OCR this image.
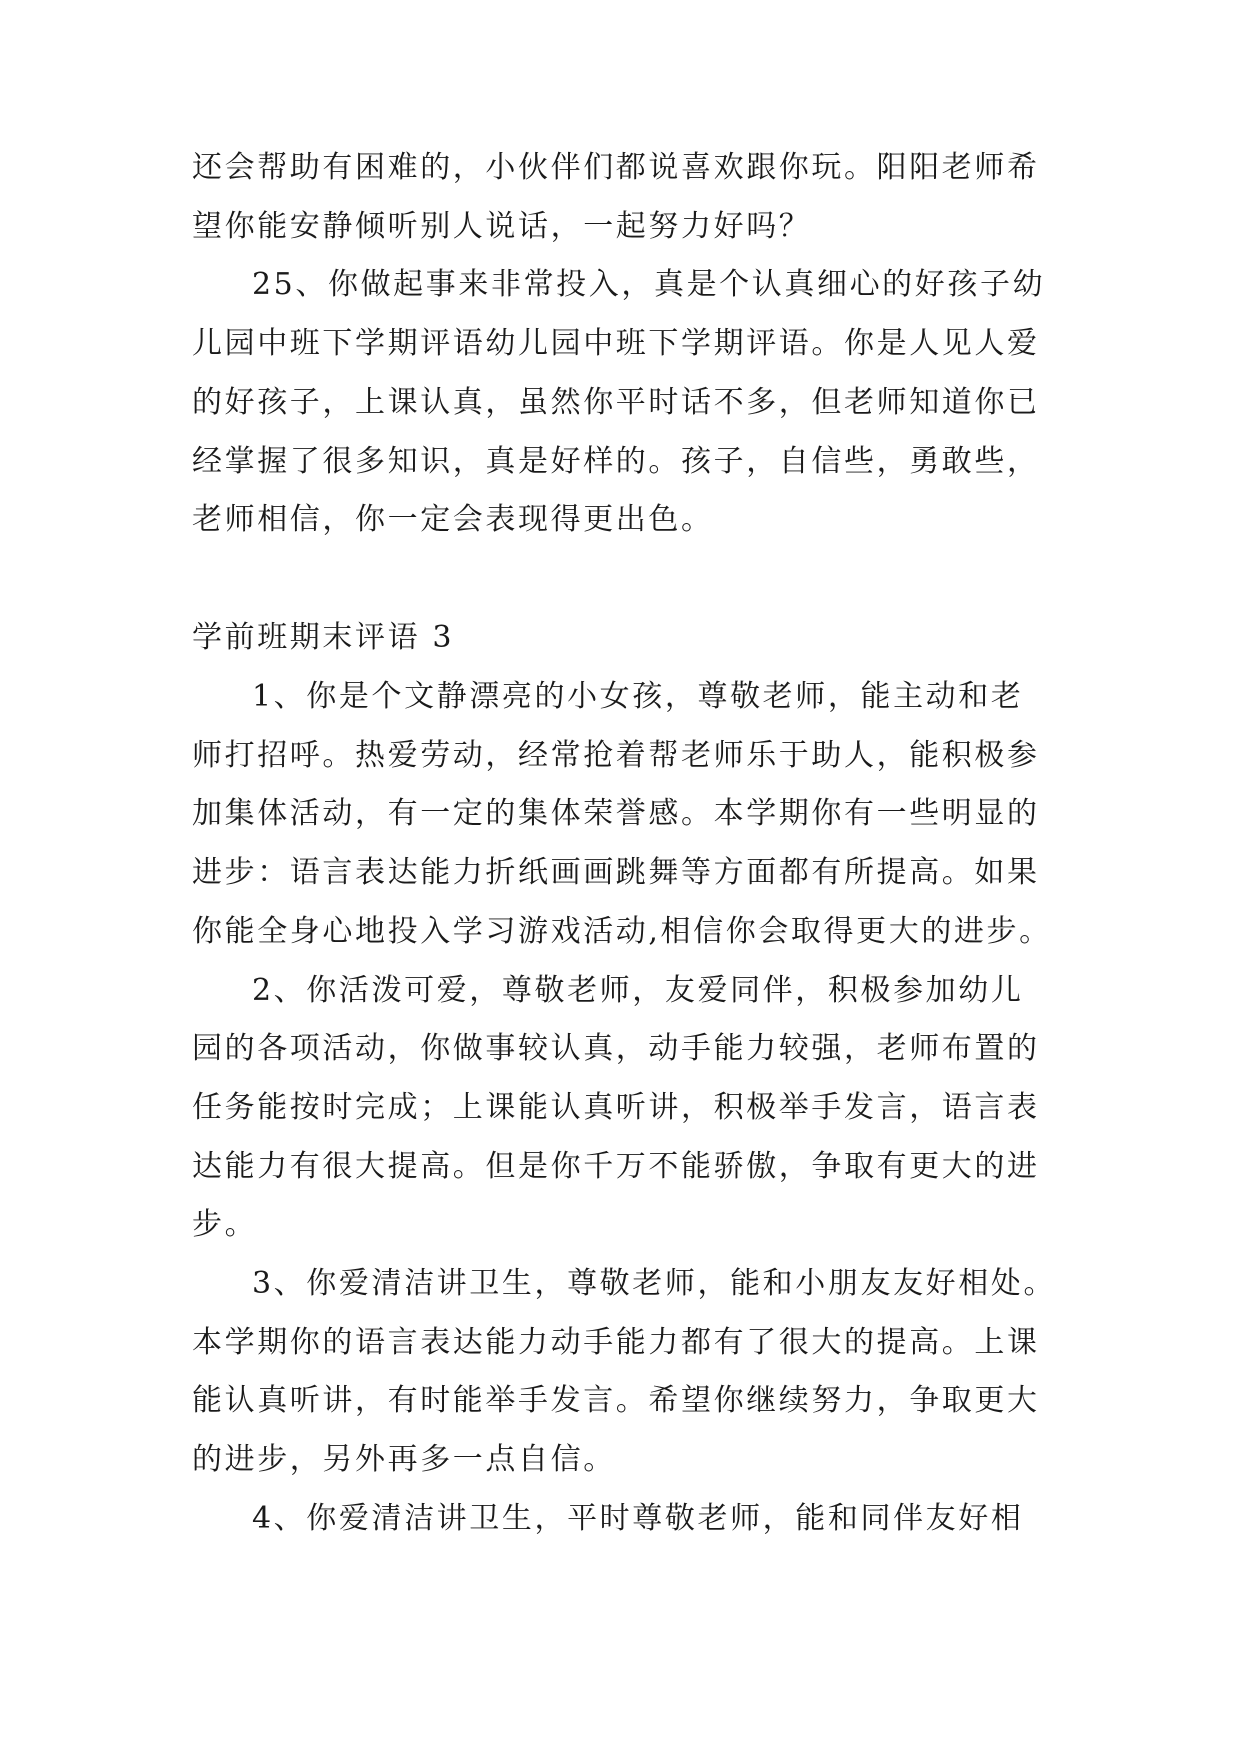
还会帮助有困难的，小伙伴们都说喜欢跟你玩。阳阳老师希
望你能安静倾听别人说话，一起努力好吗？
25、你做起事来非常投入，真是个认真细心的好孩子幼
儿园中班下学期评语幼儿园中班下学期评语。你是人见人爱
的好孩子，上课认真，虽然你平时话不多，但老师知道你已
经掌握了很多知识，真是好样的。孩子，自信些，勇敢些，
老师相信，你一定会表现得更出色。
学前班期末评语 3
1、你是个文静漂亮的小女孩，尊敬老师，能主动和老
师打招呼。热爱劳动，经常抢着帮老师乐于助人，能积极参
加集体活动，有一定的集体荣誉感。本学期你有一些明显的
进步：语言表达能力折纸画画跳舞等方面都有所提高。如果
你能全身心地投入学习游戏活动,相信你会取得更大的进步。
2、你活泼可爱，尊敬老师，友爱同伴，积极参加幼儿
园的各项活动，你做事较认真，动手能力较强，老师布置的
任务能按时完成；上课能认真听讲，积极举手发言，语言表
达能力有很大提高。但是你千万不能骄傲，争取有更大的进
步。
3、你爱清洁讲卫生，尊敬老师，能和小朋友友好相处。
本学期你的语言表达能力动手能力都有了很大的提高。上课
能认真听讲，有时能举手发言。希望你继续努力，争取更大
的进步，另外再多一点自信。
4、你爱清洁讲卫生，平时尊敬老师，能和同伴友好相
